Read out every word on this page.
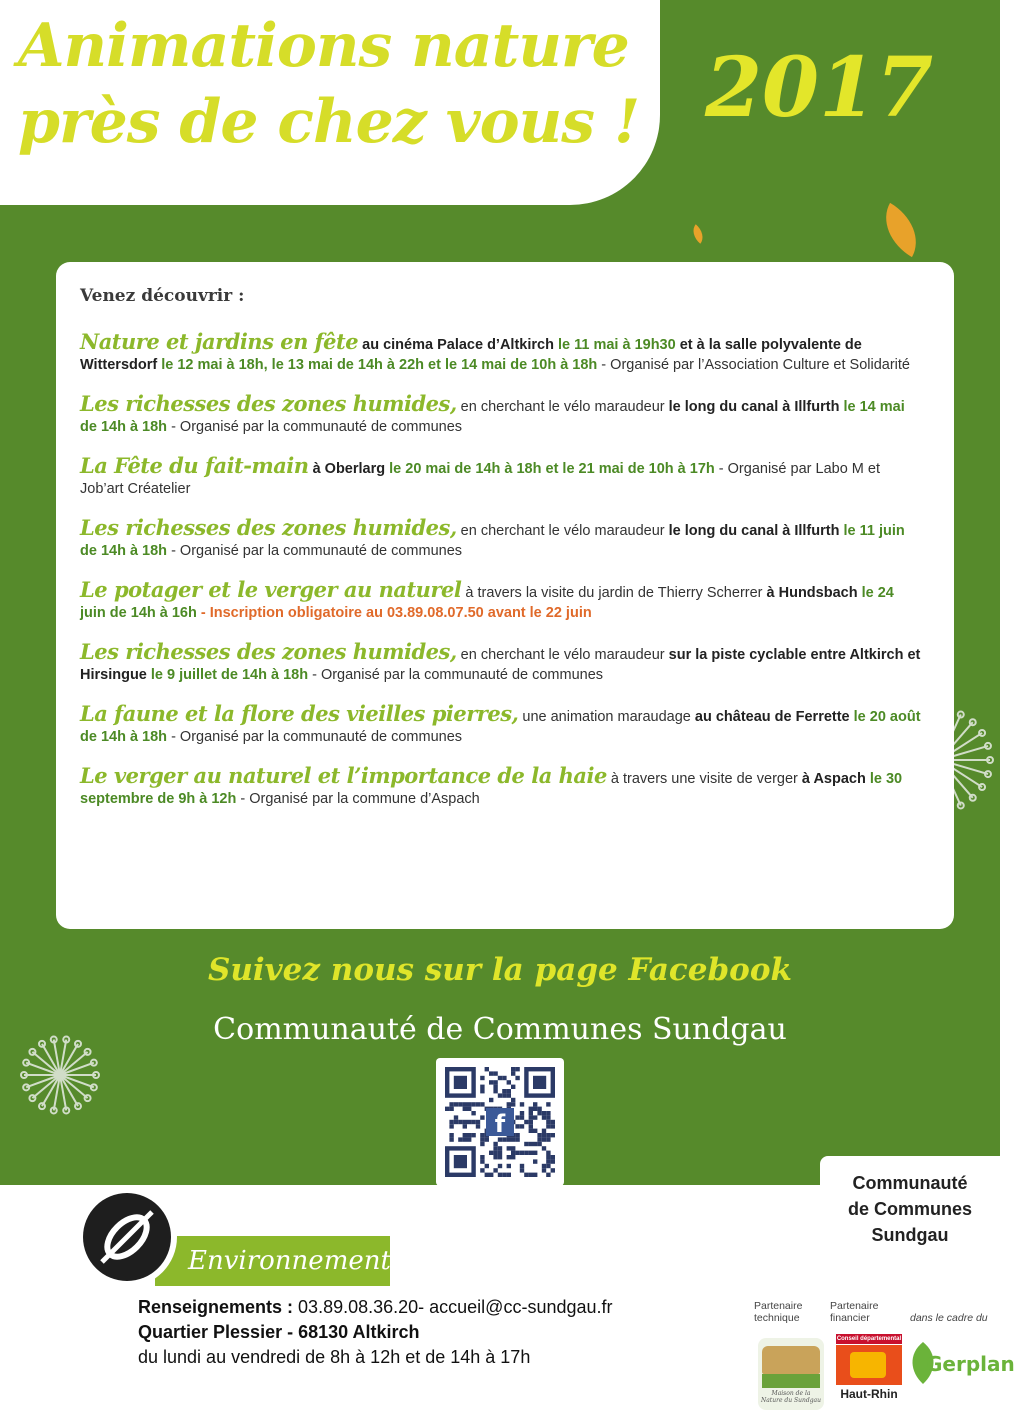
Animations nature
près de chez vous ! 2017
Venez découvrir :

Nature et jardins en fête au cinéma Palace d’Altkirch le 11 mai à 19h30 et à la salle polyvalente de Wittersdorf le 12 mai à 18h, le 13 mai de 14h à 22h et le 14 mai de 10h à 18h - Organisé par l’Association Culture et Solidarité

Les richesses des zones humides, en cherchant le vélo maraudeur le long du canal à Illfurth le 14 mai de 14h à 18h - Organisé par la communauté de communes

La Fête du fait-main à Oberlarg le 20 mai de 14h à 18h et le 21 mai de 10h à 17h - Organisé par Labo M et Job’art Créatelier

Les richesses des zones humides, en cherchant le vélo maraudeur le long du canal à Illfurth le 11 juin de 14h à 18h - Organisé par la communauté de communes

Le potager et le verger au naturel à travers la visite du jardin de Thierry Scherrer à Hundsbach le 24 juin de 14h à 16h - Inscription obligatoire au 03.89.08.07.50 avant le 22 juin

Les richesses des zones humides, en cherchant le vélo maraudeur sur la piste cyclable entre Altkirch et Hirsingue le 9 juillet de 14h à 18h - Organisé par la communauté de communes

La faune et la flore des vieilles pierres, une animation maraudage au château de Ferrette le 20 août de 14h à 18h - Organisé par la communauté de communes

Le verger au naturel et l’importance de la haie à travers une visite de verger à Aspach le 30 septembre de 9h à 12h - Organisé par la commune d’Aspach

Suivez nous sur la page Facebook
Communauté de Communes Sundgau
f
Communauté
de Communes
Sundgau
Environnement
Renseignements : 03.89.08.36.20- accueil@cc-sundgau.fr
Quartier Plessier - 68130 Altkirch
du lundi au vendredi de 8h à 12h et de 14h à 17h
Partenaire technique
Partenaire financier	dans le cadre du
Maison de la Nature du Sundgau
Conseil départemental
Haut-Rhin
Gerplan
